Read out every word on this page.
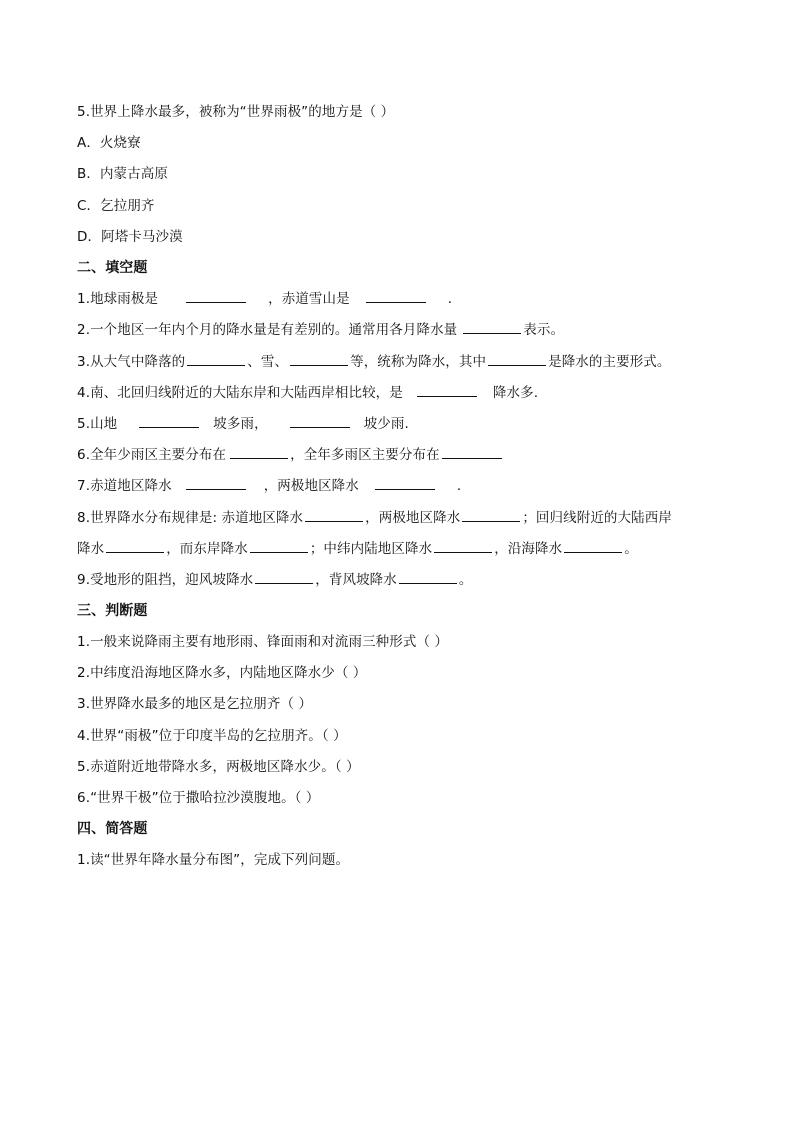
5.世界上降水最多，被称为“世界雨极”的地方是（ ）
A．火烧寮
B．内蒙古高原
C．乞拉朋齐
D．阿塔卡马沙漠
二、填空题
1.地球雨极是	，赤道雪山是	.
2.一个地区一年内个月的降水量是有差别的。通常用各月降水量	表示。
3.从大气中降落的	、雪、	等，统称为降水，其中	是降水的主要形式。
4.南、北回归线附近的大陆东岸和大陆西岸相比较，是	降水多.
5.山地	坡多雨，	坡少雨.
6.全年少雨区主要分布在	，全年多雨区主要分布在
7.赤道地区降水	，两极地区降水	.
8.世界降水分布规律是: 赤道地区降水	，两极地区降水	；回归线附近的大陆西岸
降水	，而东岸降水	；中纬内陆地区降水	，沿海降水	。
9.受地形的阻挡，迎风坡降水	，背风坡降水	。
三、判断题
1.一般来说降雨主要有地形雨、锋面雨和对流雨三种形式（ ）
2.中纬度沿海地区降水多，内陆地区降水少（ ）
3.世界降水最多的地区是乞拉朋齐（ ）
4.世界“雨极”位于印度半岛的乞拉朋齐。（ ）
5.赤道附近地带降水多，两极地区降水少。（ ）
6.“世界干极”位于撒哈拉沙漠腹地。（ ）
四、简答题
1.读“世界年降水量分布图”，完成下列问题。
